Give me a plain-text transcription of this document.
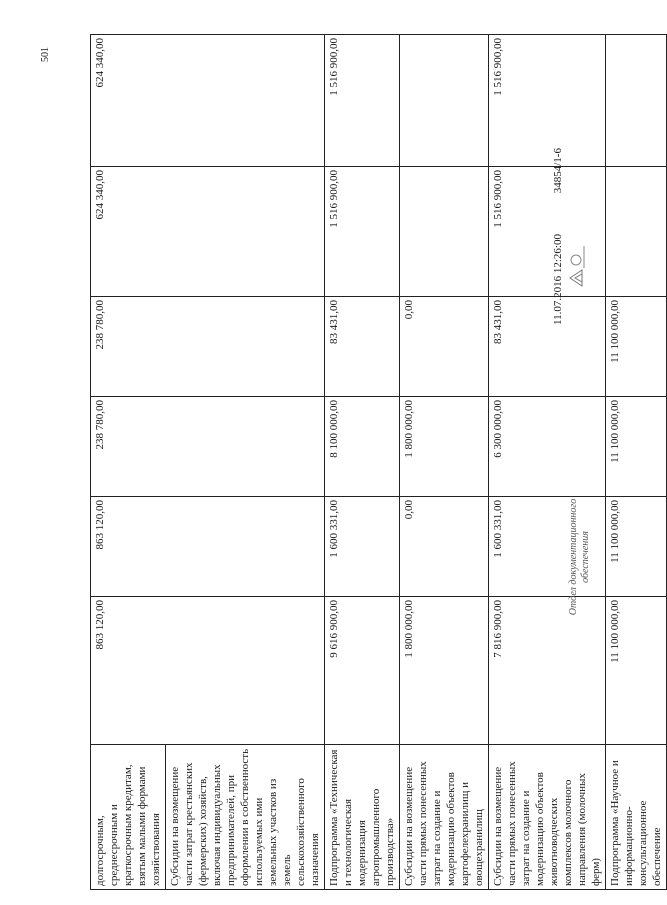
501
долгосрочным, среднесрочным и краткосрочным кредитам, взятым малыми формами хозяйствования	863 120,00	863 120,00	238 780,00	238 780,00	624 340,00	624 340,00
Субсидии на возмещение части затрат крестьянских (фермерских) хозяйств, включая индивидуальных предпринимателей, при оформлении в собственность используемых ими земельных участков из земель сельскохозяйственного назначения						
Подпрограмма «Техническая и технологическая модернизация агропромышленного производства»	9 616 900,00	1 600 331,00	8 100 000,00	83 431,00	1 516 900,00	1 516 900,00
Субсидии на возмещение части прямых понесенных затрат на создание и модернизацию объектов картофелехранилищ и овощехранилищ	1 800 000,00	0,00	1 800 000,00	0,00		
Субсидии на возмещение части прямых понесенных затрат на создание и модернизацию объектов животноводческих комплексов молочного направления (молочных ферм)	7 816 900,00	1 600 331,00	6 300 000,00	83 431,00	1 516 900,00	1 516 900,00
Подпрограмма «Научное и информационно-консультационное обеспечение	11 100 000,00	11 100 000,00	11 100 000,00	11 100 000,00		
11.07.2016 12:26:00 34854/1-6
Отдел документационного обеспечения
